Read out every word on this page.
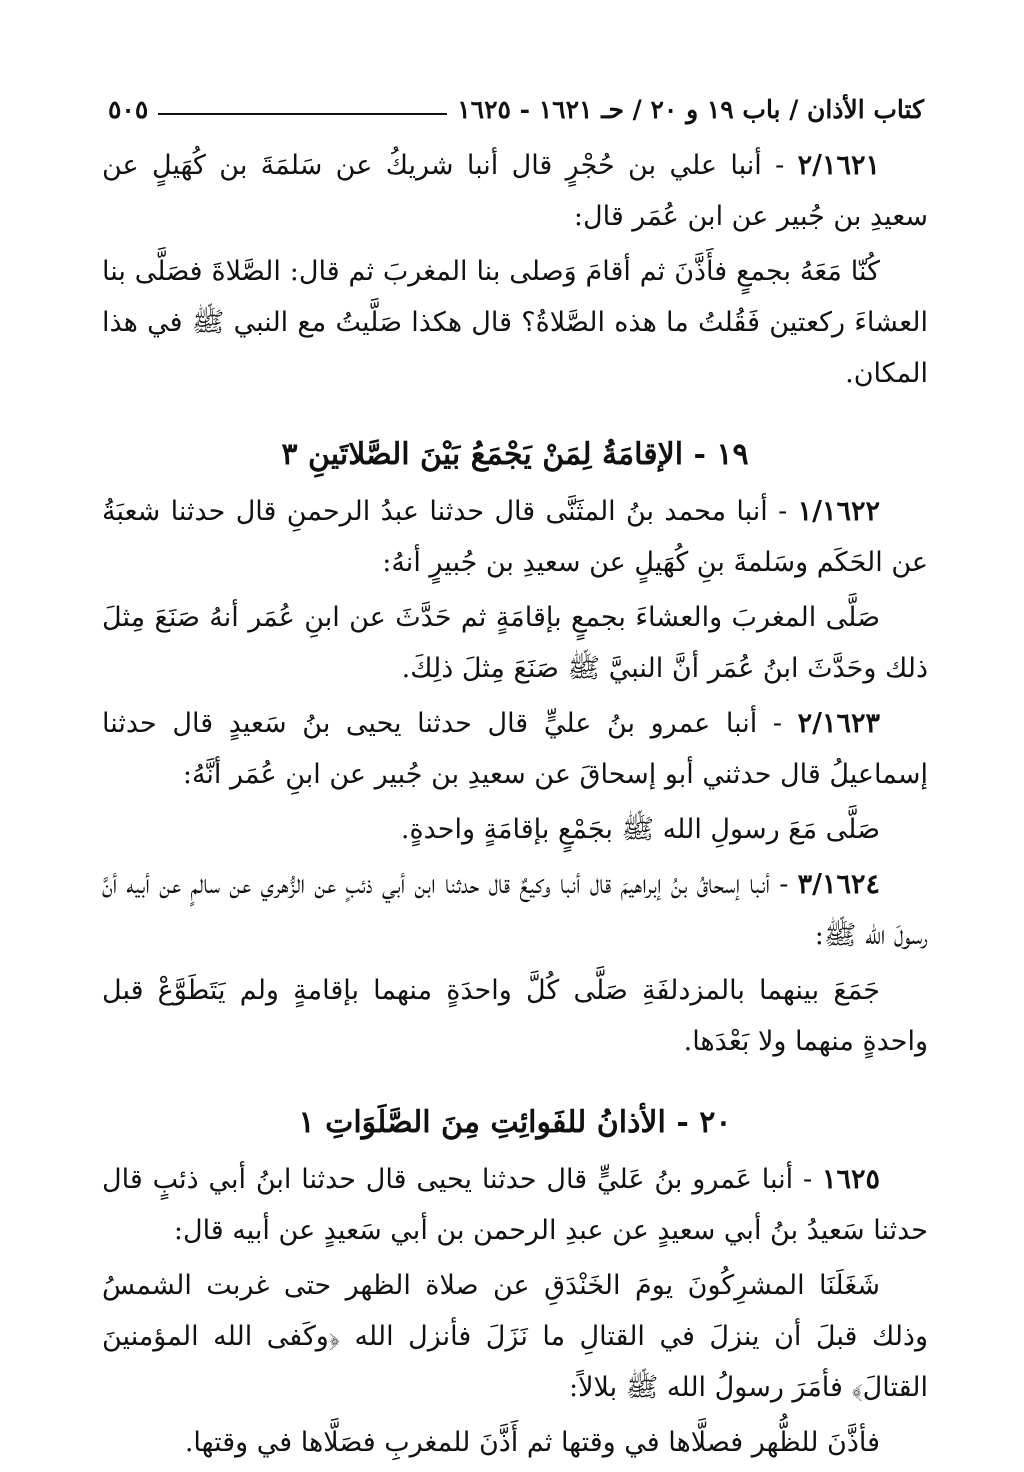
كتاب الأذان / باب ١٩ و ٢٠ / حـ ١٦٢١ - ١٦٢٥
٥٠٥

٢/١٦٢١ - أنبا علي بن حُجْرٍ قال أنبا شريكُ عن سَلمَةَ بن كُهَيلٍ عن سعيدِ بن جُبير عن ابن عُمَر قال:

كُنّا مَعَهُ بجمعٍ فأَذَّنَ ثم أقامَ وَصلى بنا المغربَ ثم قال: الصَّلاةَ فصَلَّى بنا العشاءَ ركعتين فَقُلتُ ما هذه الصَّلاةُ؟ قال هكذا صَلَّيتُ مع النبي ﷺ في هذا المكان.

١٩ - الإقامَةُ لِمَنْ يَجْمَعُ بَيْنَ الصَّلاتَينِ ٣

١/١٦٢٢ - أنبا محمد بنُ المثَنَّى قال حدثنا عبدُ الرحمنِ قال حدثنا شعبَةُ عن الحَكَم وسَلمةَ بنِ كُهَيلٍ عن سعيدِ بن جُبيرٍ أنهُ:

صَلَّى المغربَ والعشاءَ بجمعٍ بإقامَةٍ ثم حَدَّثَ عن ابنِ عُمَر أنهُ صَنَعَ مِثلَ ذلك وحَدَّثَ ابنُ عُمَر أنَّ النبيَّ ﷺ صَنَعَ مِثلَ ذلِكَ.

٢/١٦٢٣ - أنبا عمرو بنُ عليٍّ قال حدثنا يحيى بنُ سَعيدٍ قال حدثنا إسماعيلُ قال حدثني أبو إسحاقَ عن سعيدِ بن جُبير عن ابنِ عُمَر أنَّهُ:

صَلَّى مَعَ رسولِ الله ﷺ بجَمْعٍ بإقامَةٍ واحدةٍ.

٣/١٦٢٤ - أنبا إسحاقُ بنُ إبراهيمَ قال أنبا وكيعٌ قال حدثنا ابن أبي ذئبٍ عن الزُّهري عن سالمٍ عن أبيه أنَّ رسولَ الله ﷺ:

جَمَعَ بينهما بالمزدلفَةِ صَلَّى كُلَّ واحدَةٍ منهما بإقامةٍ ولم يَتَطَوَّعْ قبل واحدةٍ منهما ولا بَعْدَها.

٢٠ - الأذانُ للفَوائِتِ مِنَ الصَّلَوَاتِ ١

١٦٢٥ - أنبا عَمرو بنُ عَليٍّ قال حدثنا يحيى قال حدثنا ابنُ أبي ذئبٍ قال حدثنا سَعيدُ بنُ أبي سعيدٍ عن عبدِ الرحمن بن أبي سَعيدٍ عن أبيه قال:

شَغَلَنَا المشرِكُونَ يومَ الخَنْدَقِ عن صلاة الظهر حتى غربت الشمسُ وذلك قبلَ أن ينزلَ في القتالِ ما نَزَلَ فأنزل الله ﴿وكَفى الله المؤمنينَ القتالَ﴾ فأمَرَ رسولُ الله ﷺ بلالاً:

فأذَّنَ للظُّهر فصلَّاها في وقتها ثم أَذَّنَ للمغربِ فصَلَّاها في وقتها.
